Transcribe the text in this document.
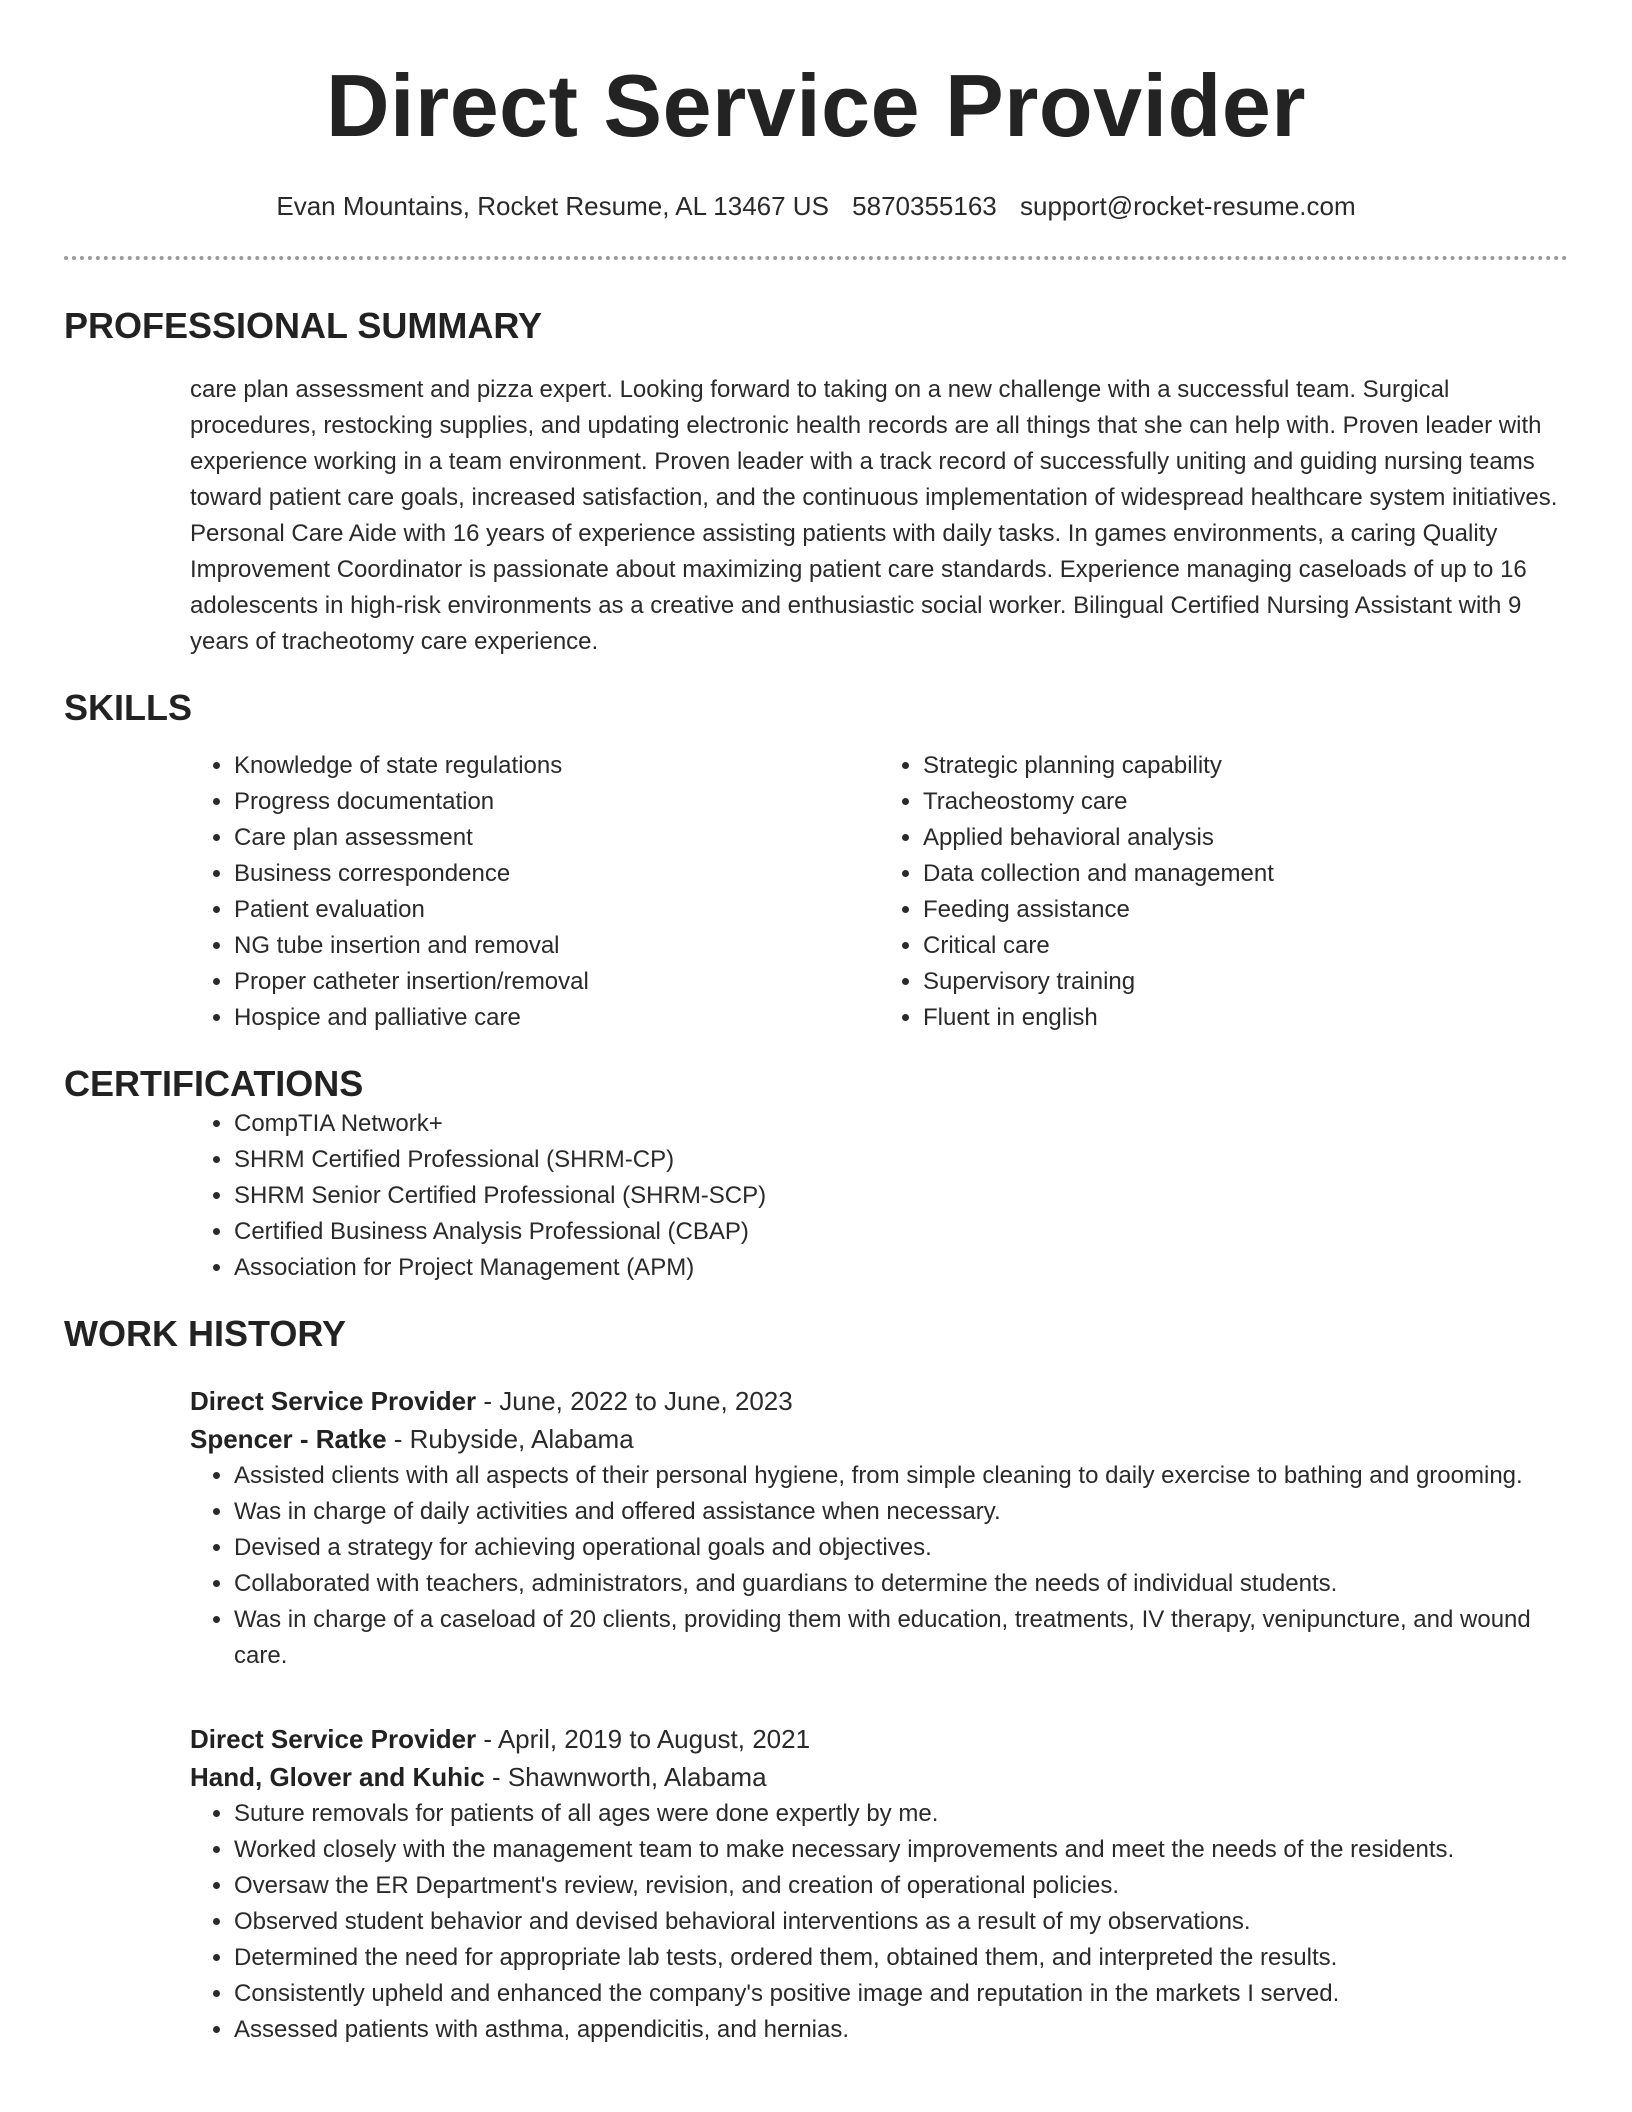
Direct Service Provider
Evan Mountains, Rocket Resume, AL 13467 US 5870355163 support@rocket-resume.com
PROFESSIONAL SUMMARY

care plan assessment and pizza expert. Looking forward to taking on a new challenge with a successful team. Surgical procedures, restocking supplies, and updating electronic health records are all things that she can help with. Proven leader with experience working in a team environment. Proven leader with a track record of successfully uniting and guiding nursing teams toward patient care goals, increased satisfaction, and the continuous implementation of widespread healthcare system initiatives. Personal Care Aide with 16 years of experience assisting patients with daily tasks. In games environments, a caring Quality Improvement Coordinator is passionate about maximizing patient care standards. Experience managing caseloads of up to 16 adolescents in high-risk environments as a creative and enthusiastic social worker. Bilingual Certified Nursing Assistant with 9 years of tracheotomy care experience.

SKILLS
• Knowledge of state regulations
• Progress documentation
• Care plan assessment
• Business correspondence
• Patient evaluation
• NG tube insertion and removal
• Proper catheter insertion/removal
• Hospice and palliative care
• Strategic planning capability
• Tracheostomy care
• Applied behavioral analysis
• Data collection and management
• Feeding assistance
• Critical care
• Supervisory training
• Fluent in english
CERTIFICATIONS
• CompTIA Network+
• SHRM Certified Professional (SHRM-CP)
• SHRM Senior Certified Professional (SHRM-SCP)
• Certified Business Analysis Professional (CBAP)
• Association for Project Management (APM)
WORK HISTORY
Direct Service Provider - June, 2022 to June, 2023
Spencer - Ratke - Rubyside, Alabama
• Assisted clients with all aspects of their personal hygiene, from simple cleaning to daily exercise to bathing and grooming.
• Was in charge of daily activities and offered assistance when necessary.
• Devised a strategy for achieving operational goals and objectives.
• Collaborated with teachers, administrators, and guardians to determine the needs of individual students.
• Was in charge of a caseload of 20 clients, providing them with education, treatments, IV therapy, venipuncture, and wound care.
Direct Service Provider - April, 2019 to August, 2021
Hand, Glover and Kuhic - Shawnworth, Alabama
• Suture removals for patients of all ages were done expertly by me.
• Worked closely with the management team to make necessary improvements and meet the needs of the residents.
• Oversaw the ER Department's review, revision, and creation of operational policies.
• Observed student behavior and devised behavioral interventions as a result of my observations.
• Determined the need for appropriate lab tests, ordered them, obtained them, and interpreted the results.
• Consistently upheld and enhanced the company's positive image and reputation in the markets I served.
• Assessed patients with asthma, appendicitis, and hernias.
